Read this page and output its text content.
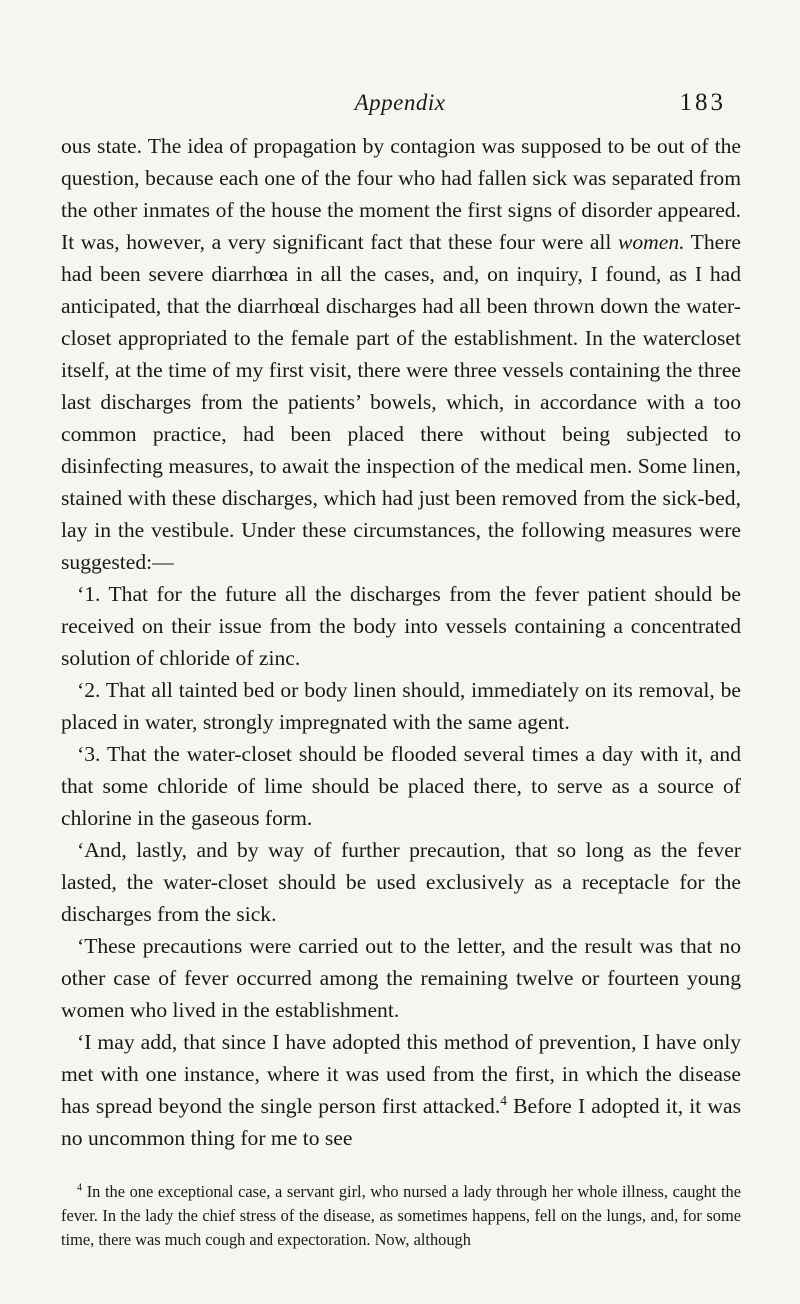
Appendix	183

ous state. The idea of propagation by contagion was supposed to be out of the question, because each one of the four who had fallen sick was separated from the other inmates of the house the moment the first signs of disorder appeared. It was, however, a very significant fact that these four were all women. There had been severe diarrhœa in all the cases, and, on inquiry, I found, as I had anticipated, that the diarrhœal discharges had all been thrown down the water-closet appropriated to the female part of the establishment. In the watercloset itself, at the time of my first visit, there were three vessels containing the three last discharges from the patients’ bowels, which, in accordance with a too common practice, had been placed there without being subjected to disinfecting measures, to await the inspection of the medical men. Some linen, stained with these discharges, which had just been removed from the sick-bed, lay in the vestibule. Under these circumstances, the following measures were suggested:—

‘1. That for the future all the discharges from the fever patient should be received on their issue from the body into vessels containing a concentrated solution of chloride of zinc.

‘2. That all tainted bed or body linen should, immediately on its removal, be placed in water, strongly impregnated with the same agent.

‘3. That the water-closet should be flooded several times a day with it, and that some chloride of lime should be placed there, to serve as a source of chlorine in the gaseous form.

‘And, lastly, and by way of further precaution, that so long as the fever lasted, the water-closet should be used exclusively as a receptacle for the discharges from the sick.

‘These precautions were carried out to the letter, and the result was that no other case of fever occurred among the remaining twelve or fourteen young women who lived in the establishment.

‘I may add, that since I have adopted this method of prevention, I have only met with one instance, where it was used from the first, in which the disease has spread beyond the single person first attacked.$^4$ Before I adopted it, it was no uncommon thing for me to see

$^4$ In the one exceptional case, a servant girl, who nursed a lady through her whole illness, caught the fever. In the lady the chief stress of the disease, as sometimes happens, fell on the lungs, and, for some time, there was much cough and expectoration. Now, although
